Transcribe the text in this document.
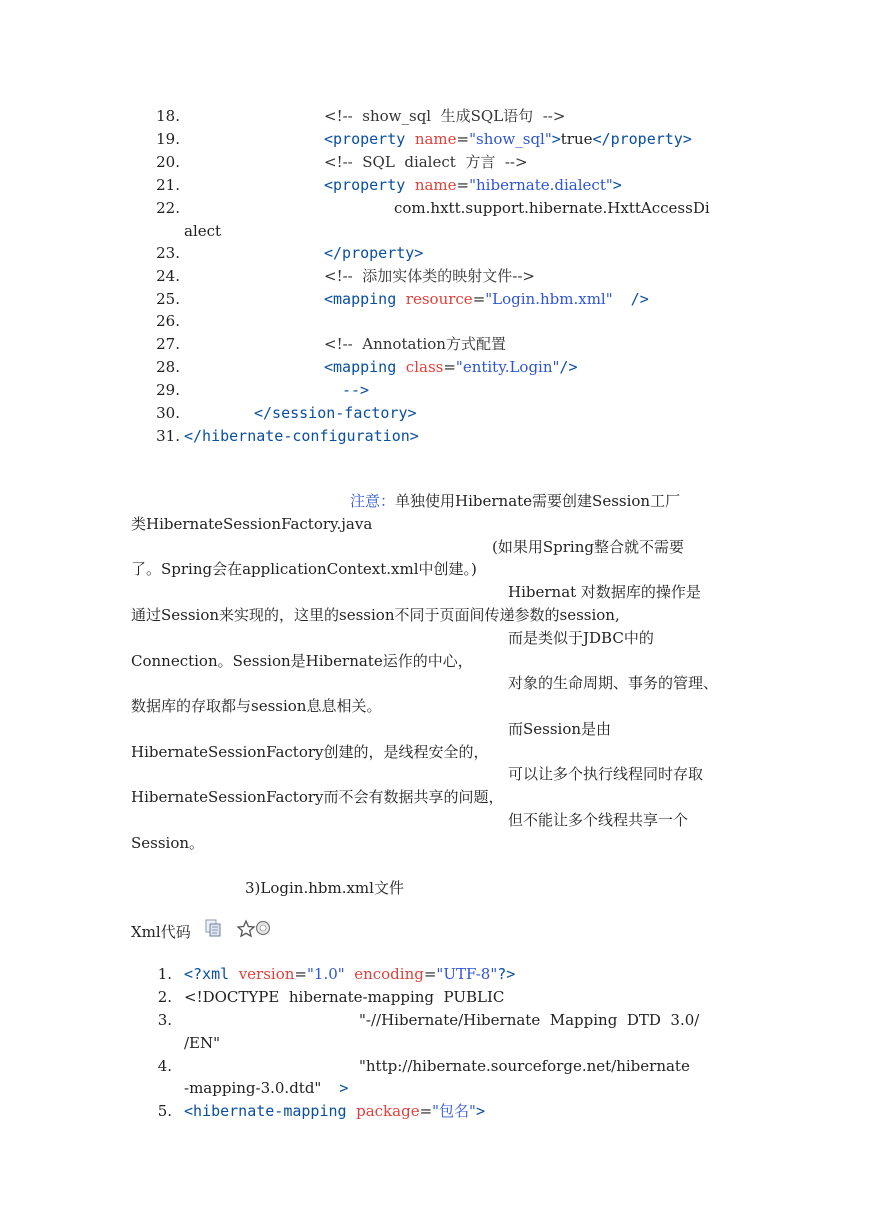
18.	<!--  show_sql  生成SQL语句  -->
19.	<property name="show_sql">true</property>
20.	<!--  SQL  dialect  方言  -->
21.	<property name="hibernate.dialect">
22.	com.hxtt.support.hibernate.HxttAccessDi
alect
23.	</property>
24.	<!--  添加实体类的映射文件-->
25.	<mapping resource="Login.hbm.xml"  />
26.
27.	<!--  Annotation方式配置
28.	<mapping class="entity.Login"/>
29.	-->
30.	</session-factory>
31. </hibernate-configuration>
注意：单独使用Hibernate需要创建Session工厂
类HibernateSessionFactory.java
(如果用Spring整合就不需要
了。Spring会在applicationContext.xml中创建。)
Hibernat 对数据库的操作是
通过Session来实现的，这里的session不同于页面间传递参数的session,
而是类似于JDBC中的
Connection。Session是Hibernate运作的中心，
对象的生命周期、事务的管理、
数据库的存取都与session息息相关。
而Session是由
HibernateSessionFactory创建的，是线程安全的，
可以让多个执行线程同时存取
HibernateSessionFactory而不会有数据共享的问题，
但不能让多个线程共享一个
Session。
3)Login.hbm.xml文件
Xml代码
1. <?xml version="1.0" encoding="UTF-8"?>
2. <!DOCTYPE  hibernate-mapping  PUBLIC
3.	"-//Hibernate/Hibernate  Mapping  DTD  3.0/
/EN"
4.	"http://hibernate.sourceforge.net/hibernate
-mapping-3.0.dtd"  >
5. <hibernate-mapping package="包名">
